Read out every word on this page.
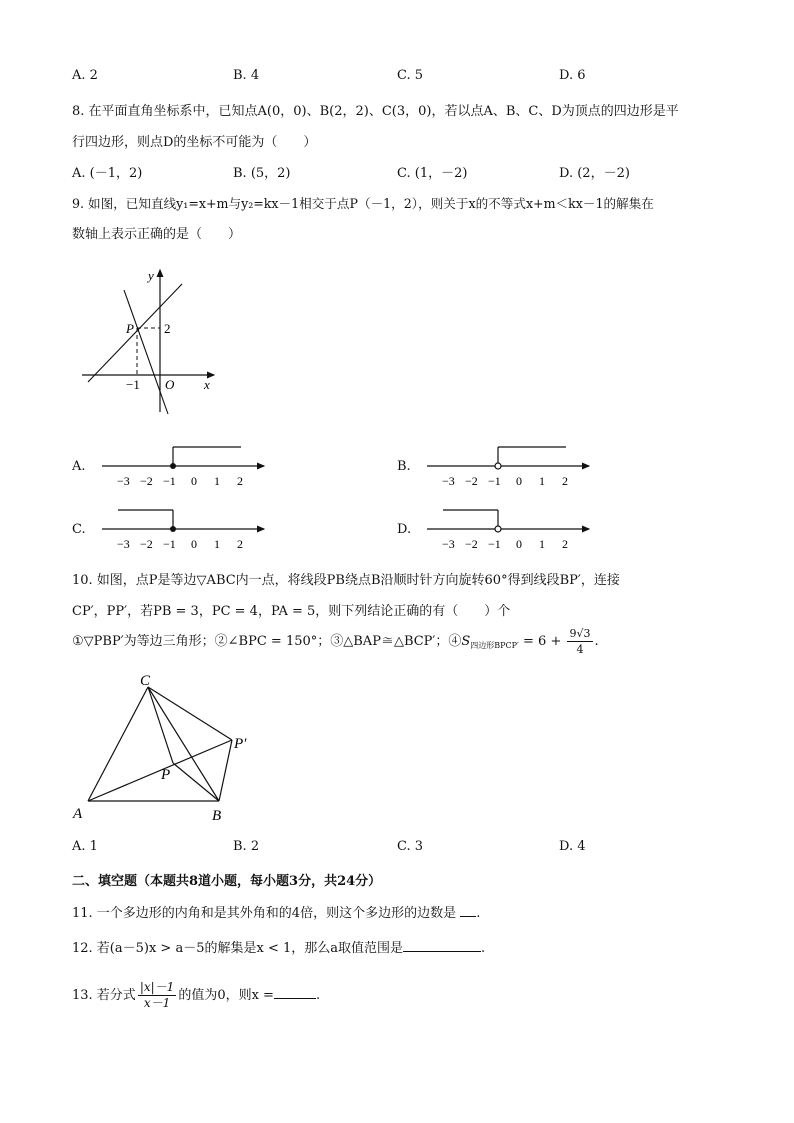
A. 2	B. 4	C. 5	D. 6
8. 在平面直角坐标系中，已知点A(0，0)、B(2，2)、C(3，0)，若以点A、B、C、D为顶点的四边形是平
行四边形，则点D的坐标不可能为（　　）
A. (－1，2)	B. (5，2)	C. (1，－2)	D. (2，－2)
9. 如图，已知直线y₁=x+m与y₂=kx－1相交于点P（－1，2），则关于x的不等式x+m＜kx－1的解集在
数轴上表示正确的是（　　）
y
x
O
P 2
−1
A.
−3 −2 −1 0 1 2
B.
−3 −2 −1 0 1 2
C.
−3 −2 −1 0 1 2
D.
−3 −2 −1 0 1 2
10. 如图，点P是等边▽ABC内一点，将线段PB绕点B沿顺时针方向旋转60°得到线段BP′，连接
CP′，PP′，若PB = 3，PC = 4，PA = 5，则下列结论正确的有（　　）个
①▽PBP′为等边三角形；②∠BPC = 150°；③△BAP≅△BCP′；$④S_{四边形BPCP'} = 6 + \frac{9√3}{4}$ .
C
A	B
P
P′
A. 1	B. 2	C. 3	D. 4
二、填空题（本题共8道小题，每小题3分，共24分）
11. 一个多边形的内角和是其外角和的4倍，则这个多边形的边数是 .
12. 若(a－5)x > a－5的解集是x < 1，那么a取值范围是	.
13. 若分式 $\frac{|x|-1}{x-1}$ 的值为0，则x =	.
